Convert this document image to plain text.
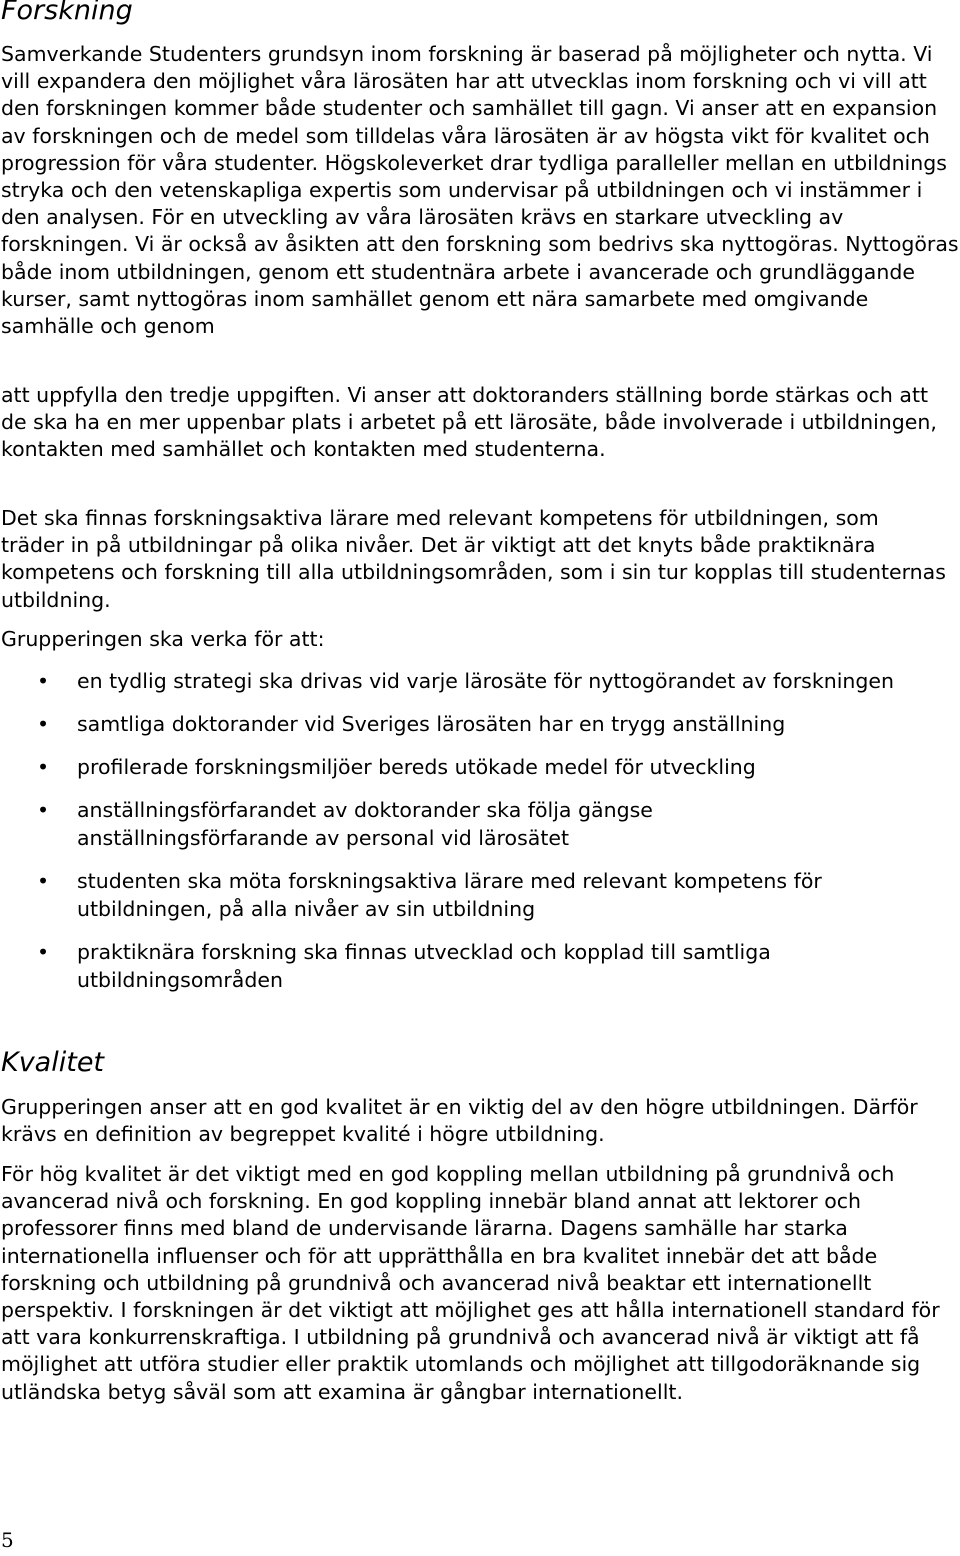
Forskning

Samverkande Studenters grundsyn inom forskning är baserad på möjligheter och nytta. Vi vill expandera den möjlighet våra lärosäten har att utvecklas inom forskning och vi vill att den forskningen kommer både studenter och samhället till gagn. Vi anser att en expansion av forskningen och de medel som tilldelas våra lärosäten är av högsta vikt för kvalitet och progression för våra studenter. Högskoleverket drar tydliga paralleller mellan en utbildnings stryka och den vetenskapliga expertis som undervisar på utbildningen och vi instämmer i den analysen. För en utveckling av våra lärosäten krävs en starkare utveckling av forskningen. Vi är också av åsikten att den forskning som bedrivs ska nyttogöras. Nyttogöras både inom utbildningen, genom ett studentnära arbete i avancerade och grundläggande kurser, samt nyttogöras inom samhället genom ett nära samarbete med omgivande samhälle och genom

att uppfylla den tredje uppgiften. Vi anser att doktoranders ställning borde stärkas och att de ska ha en mer uppenbar plats i arbetet på ett lärosäte, både involverade i utbildningen, kontakten med samhället och kontakten med studenterna.

Det ska finnas forskningsaktiva lärare med relevant kompetens för utbildningen, som träder in på utbildningar på olika nivåer. Det är viktigt att det knyts både praktiknära kompetens och forskning till alla utbildningsområden, som i sin tur kopplas till studenternas utbildning.

Grupperingen ska verka för att:

• en tydlig strategi ska drivas vid varje lärosäte för nyttogörandet av forskningen
• samtliga doktorander vid Sveriges lärosäten har en trygg anställning
• profilerade forskningsmiljöer bereds utökade medel för utveckling
• anställningsförfarandet av doktorander ska följa gängse anställningsförfarande av personal vid lärosätet
• studenten ska möta forskningsaktiva lärare med relevant kompetens för utbildningen, på alla nivåer av sin utbildning
• praktiknära forskning ska finnas utvecklad och kopplad till samtliga utbildningsområden
Kvalitet

Grupperingen anser att en god kvalitet är en viktig del av den högre utbildningen. Därför krävs en definition av begreppet kvalité i högre utbildning.

För hög kvalitet är det viktigt med en god koppling mellan utbildning på grundnivå och avancerad nivå och forskning. En god koppling innebär bland annat att lektorer och professorer finns med bland de undervisande lärarna. Dagens samhälle har starka internationella influenser och för att upprätthålla en bra kvalitet innebär det att både forskning och utbildning på grundnivå och avancerad nivå beaktar ett internationellt perspektiv. I forskningen är det viktigt att möjlighet ges att hålla internationell standard för att vara konkurrenskraftiga. I utbildning på grundnivå och avancerad nivå är viktigt att få möjlighet att utföra studier eller praktik utomlands och möjlighet att tillgodoräknande sig utländska betyg såväl som att examina är gångbar internationellt.

5
